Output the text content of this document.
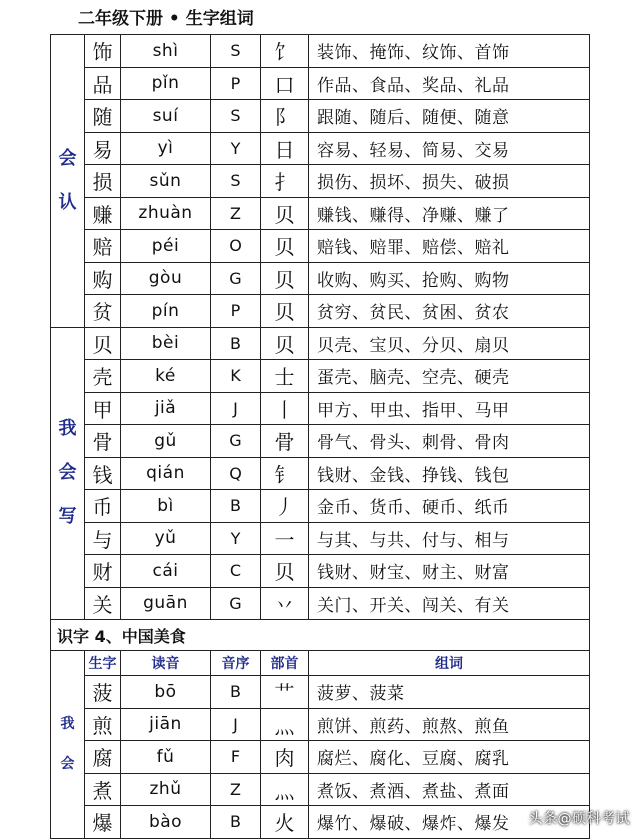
二年级下册 • 生字组词
会
认	饰	shì	S	饣	装饰、掩饰、纹饰、首饰
	品	pǐn	P	口	作品、食品、奖品、礼品
	随	suí	S	阝	跟随、随后、随便、随意
	易	yì	Y	日	容易、轻易、简易、交易
	损	sǔn	S	扌	损伤、损坏、损失、破损
	赚	zhuàn	Z	贝	赚钱、赚得、净赚、赚了
	赔	péi	O	贝	赔钱、赔罪、赔偿、赔礼
	购	gòu	G	贝	收购、购买、抢购、购物
	贫	pín	P	贝	贫穷、贫民、贫困、贫农

我
会
写	贝	bèi	B	贝	贝壳、宝贝、分贝、扇贝
	壳	ké	K	士	蛋壳、脑壳、空壳、硬壳
	甲	jiǎ	J	丨	甲方、甲虫、指甲、马甲
	骨	gǔ	G	骨	骨气、骨头、刺骨、骨肉
	钱	qián	Q	钅	钱财、金钱、挣钱、钱包
	币	bì	B	丿	金币、货币、硬币、纸币
	与	yǔ	Y	一	与其、与共、付与、相与
	财	cái	C	贝	钱财、财宝、财主、财富
	关	guān	G	丷	关门、开关、闯关、有关
识字 4、中国美食					

我
会	生字	读音	音序	部首	组词
	菠	bō	B	艹	菠萝、菠菜
	煎	jiān	J	灬	煎饼、煎药、煎熬、煎鱼
	腐	fǔ	F	肉	腐烂、腐化、豆腐、腐乳
	煮	zhǔ	Z	灬	煮饭、煮酒、煮盐、煮面
	爆	bào	B	火	爆竹、爆破、爆炸、爆发 头条@硕科考试
